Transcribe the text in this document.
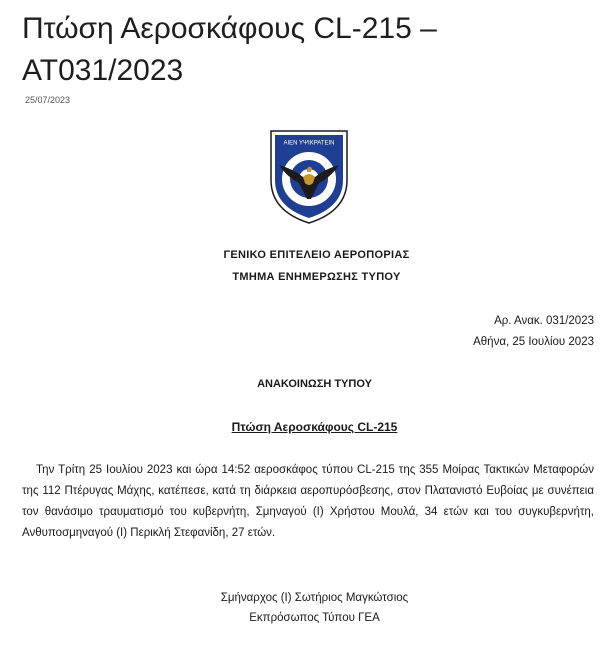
Πτώση Αεροσκάφους CL-215 – AT031/2023

25/07/2023

ΑΙΕΝ ΥΨΙΚΡΑΤΕΙΝ

ΓΕΝΙΚΟ ΕΠΙΤΕΛΕΙΟ ΑΕΡΟΠΟΡΙΑΣ

ΤΜΗΜΑ ΕΝΗΜΕΡΩΣΗΣ ΤΥΠΟΥ

Αρ. Ανακ. 031/2023

Αθήνα, 25 Ιουλίου 2023

ΑΝΑΚΟΙΝΩΣΗ ΤΥΠΟΥ

Πτώση Αεροσκάφους CL-215

Την Τρίτη 25 Ιουλίου 2023 και ώρα 14:52 αεροσκάφος τύπου CL-215 της 355 Μοίρας Τακτικών Μεταφορών της 112 Πτέρυγας Μάχης, κατέπεσε, κατά τη διάρκεια αεροπυρόσβεσης, στον Πλατανιστό Ευβοίας με συνέπεια τον θανάσιμο τραυματισμό του κυβερνήτη, Σμηναγού (Ι) Χρήστου Μουλά, 34 ετών και του συγκυβερνήτη, Ανθυποσμηναγού (Ι) Περικλή Στεφανίδη, 27 ετών.

Σμήναρχος (Ι) Σωτήριος Μαγκώτσιος

Εκπρόσωπος Τύπου ΓΕΑ
